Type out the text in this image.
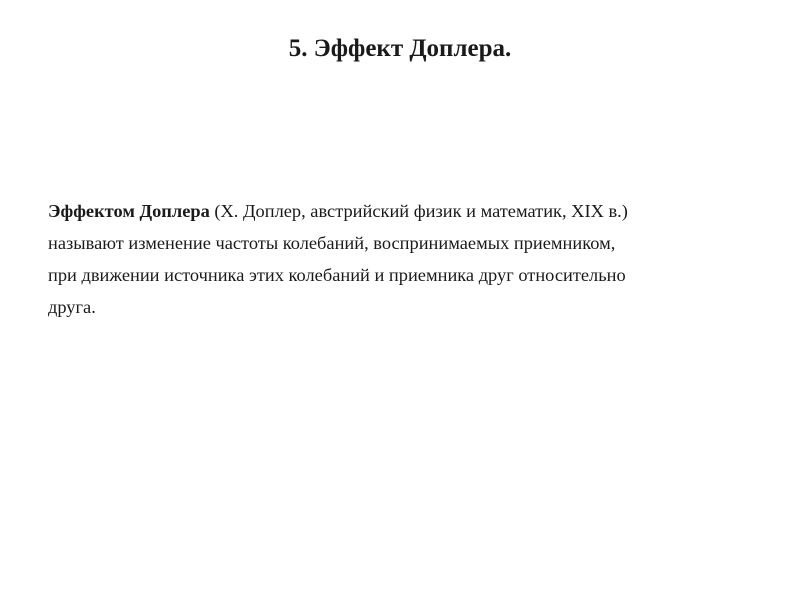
5. Эффект Доплера.

Эффектом Доплера (Х. Доплер, австрийский физик и математик, XIX в.)
называют изменение частоты колебаний, воспринимаемых приемником,
при движении источника этих колебаний и приемника друг относительно
друга.
